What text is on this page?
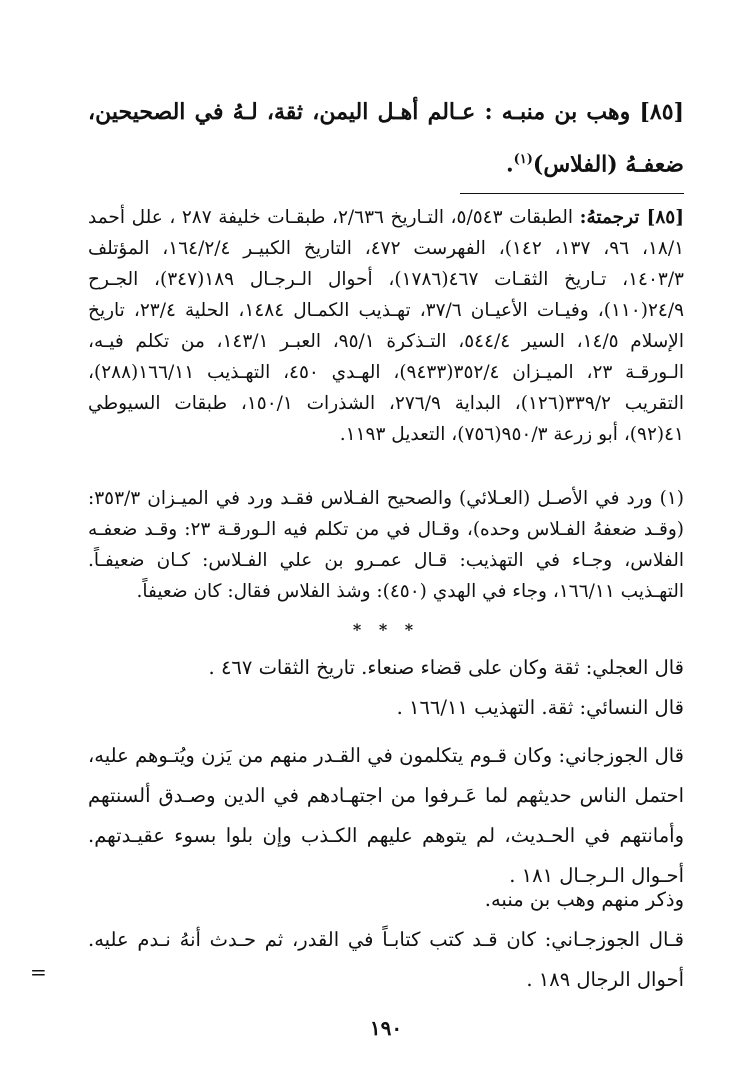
[٨٥] وهب بن منبـه : عـالم أهـل اليمن، ثقة، لـهُ في الصحيحين، ضعفـهُ (الفلاس)$^{(١)}$.

[٨٥] ترجمتهُ: الطبقات ٥/٥٤٣، التـاريخ ٢/٦٣٦، طبقـات خليفة ٢٨٧ ، علل أحمد ١٨/١، ٩٦، ١٣٧، ١٤٢)، الفهرست ٤٧٢، التاريخ الكبيـر ١٦٤/٢/٤، المؤتلف ١٤٠٣/٣، تـاريخ الثقـات ٤٦٧(١٧٨٦)، أحوال الـرجـال ١٨٩(٣٤٧)، الجـرح ٢٤/٩(١١٠)، وفيـات الأعيـان ٣٧/٦، تهـذيب الكمـال ١٤٨٤، الحلية ٢٣/٤، تاريخ الإسلام ١٤/٥، السير ٥٤٤/٤، التـذكرة ٩٥/١، العبـر ١٤٣/١، من تكلم فيـه، الـورقـة ٢٣، الميـزان ٣٥٢/٤(٩٤٣٣)، الهـدي ٤٥٠، التهـذيب ١٦٦/١١(٢٨٨)، التقريب ٣٣٩/٢(١٢٦)، البداية ٢٧٦/٩، الشذرات ١٥٠/١، طبقات السيوطي ٤١(٩٢)، أبو زرعة ٩٥٠/٣(٧٥٦)، التعديل ١١٩٣.

(١) ورد في الأصـل (العـلائي) والصحيح الفـلاس فقـد ورد في الميـزان ٣٥٣/٣: (وقـد ضعفهُ الفـلاس وحده)، وقـال في من تكلم فيه الـورقـة ٢٣: وقـد ضعفـه الفلاس، وجـاء في التهذيب: قـال عمـرو بن علي الفـلاس: كـان ضعيفـاً. التهـذيب ١٦٦/١١، وجاء في الهدي (٤٥٠): وشذ الفلاس فقال: كان ضعيفاً.

* * *

قال العجلي: ثقة وكان على قضاء صنعاء. تاريخ الثقات ٤٦٧ .

قال النسائي: ثقة. التهذيب ١٦٦/١١ .

قال الجوزجاني: وكان قـوم يتكلمون في القـدر منهم من يَزن ويُتـوهم عليه، احتمل الناس حديثهم لما عَـرفوا من اجتهـادهم في الدين وصـدق ألسنتهم وأمانتهم في الحـديث، لم يتوهم عليهم الكـذب وإن بلوا بسوء عقيـدتهم. أحـوال الـرجـال ١٨١ .

وذكر منهم وهب بن منبه.

قـال الجوزجـاني: كان قـد كتب كتابـاً في القدر، ثم حـدث أنهُ نـدم عليه. أحوال الرجال ١٨٩ .

=
١٩٠
